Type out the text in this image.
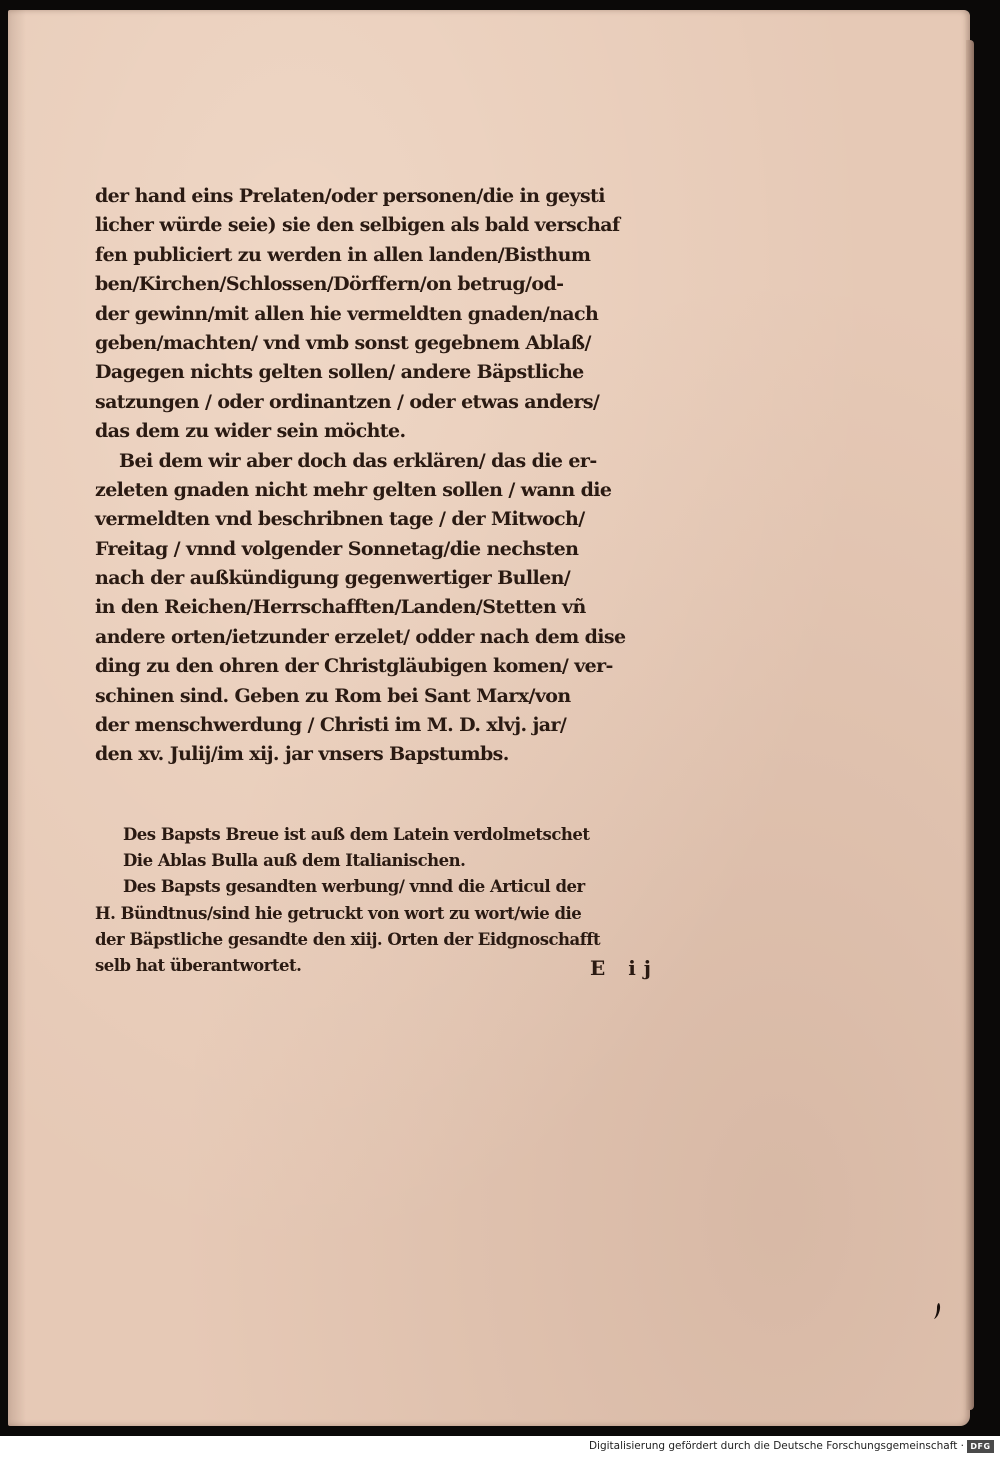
der hand eins Prelaten/oder personen/die in geysti
licher würde seie) sie den selbigen als bald verschaf
fen publiciert zu werden in allen landen/Bisthum
ben/Kirchen/Schlossen/Dörffern/on betrug/od-
der gewinn/mit allen hie vermeldten gnaden/nach
geben/machten/ vnd vmb sonst gegebnem Ablaß/
Dagegen nichts gelten sollen/ andere Bäpstliche
satzungen / oder ordinantzen / oder etwas anders/
das dem zu wider sein möchte.
Bei dem wir aber doch das erklären/ das die er-
zeleten gnaden nicht mehr gelten sollen / wann die
vermeldten vnd beschribnen tage / der Mitwoch/
Freitag / vnnd volgender Sonnetag/die nechsten
nach der außkündigung gegenwertiger Bullen/
in den Reichen/Herrschafften/Landen/Stetten vñ
andere orten/ietzunder erzelet/ odder nach dem dise
ding zu den ohren der Christgläubigen komen/ ver-
schinen sind. Geben zu Rom bei Sant Marx/von
der menschwerdung / Christi im M. D. xlvj. jar/
den xv. Julij/im xij. jar vnsers Bapstumbs.
Des Bapsts Breue ist auß dem Latein verdolmetschet
Die Ablas Bulla auß dem Italianischen.
Des Bapsts gesandten werbung/ vnnd die Articul der
H. Bündtnus/sind hie getruckt von wort zu wort/wie die
der Bäpstliche gesandte den xiij. Orten der Eidgnoschafft
selb hat überantwortet.	E ij
Digitalisierung gefördert durch die Deutsche Forschungsgemeinschaft · DFG
